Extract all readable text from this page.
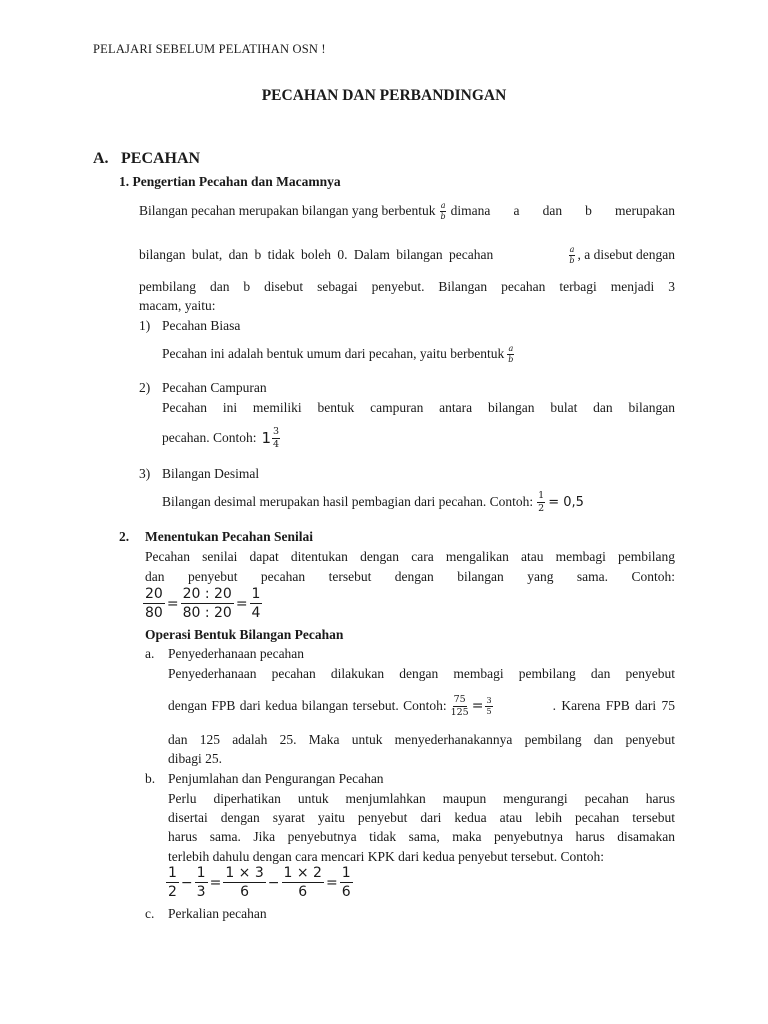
PELAJARI SEBELUM PELATIHAN OSN !
PECAHAN DAN PERBANDINGAN
A. PECAHAN
1. Pengertian Pecahan dan Macamnya
Bilangan pecahan merupakan bilangan yang berbentuk $\frac{a}{b}$ dimana a dan b merupakan
bilangan bulat, dan b tidak boleh 0. Dalam bilangan pecahan	$\frac{a}{b}$ , a disebut dengan
pembilang dan b disebut sebagai penyebut. Bilangan pecahan terbagi menjadi 3
macam, yaitu:
1) Pecahan Biasa
Pecahan ini adalah bentuk umum dari pecahan, yaitu berbentuk $\frac{a}{b}$
2) Pecahan Campuran
Pecahan ini memiliki bentuk campuran antara bilangan bulat dan bilangan
pecahan. Contoh: $1 \frac{3}{4}$
3) Bilangan Desimal
Bilangan desimal merupakan hasil pembagian dari pecahan. Contoh: $\frac{1}{2} = 0,5$
2. Menentukan Pecahan Senilai
Pecahan senilai dapat ditentukan dengan cara mengalikan atau membagi pembilang
dan penyebut pecahan tersebut dengan bilangan yang sama. Contoh:
$\frac{20}{80} = \frac{20 : 20}{80 : 20} = \frac{1}{4}$
Operasi Bentuk Bilangan Pecahan
a. Penyederhanaan pecahan
Penyederhanaan pecahan dilakukan dengan membagi pembilang dan penyebut
dengan FPB dari kedua bilangan tersebut. Contoh: $\frac{75}{125} = \frac{3}{5}$	. Karena FPB dari 75
dan 125 adalah 25. Maka untuk menyederhanakannya pembilang dan penyebut
dibagi 25.
b. Penjumlahan dan Pengurangan Pecahan
Perlu diperhatikan untuk menjumlahkan maupun mengurangi pecahan harus
disertai dengan syarat yaitu penyebut dari kedua atau lebih pecahan tersebut
harus sama. Jika penyebutnya tidak sama, maka penyebutnya harus disamakan
terlebih dahulu dengan cara mencari KPK dari kedua penyebut tersebut. Contoh:
$\frac{1}{2} - \frac{1}{3} = \frac{1 \times 3}{6} - \frac{1 \times 2}{6} = \frac{1}{6}$
c. Perkalian pecahan
